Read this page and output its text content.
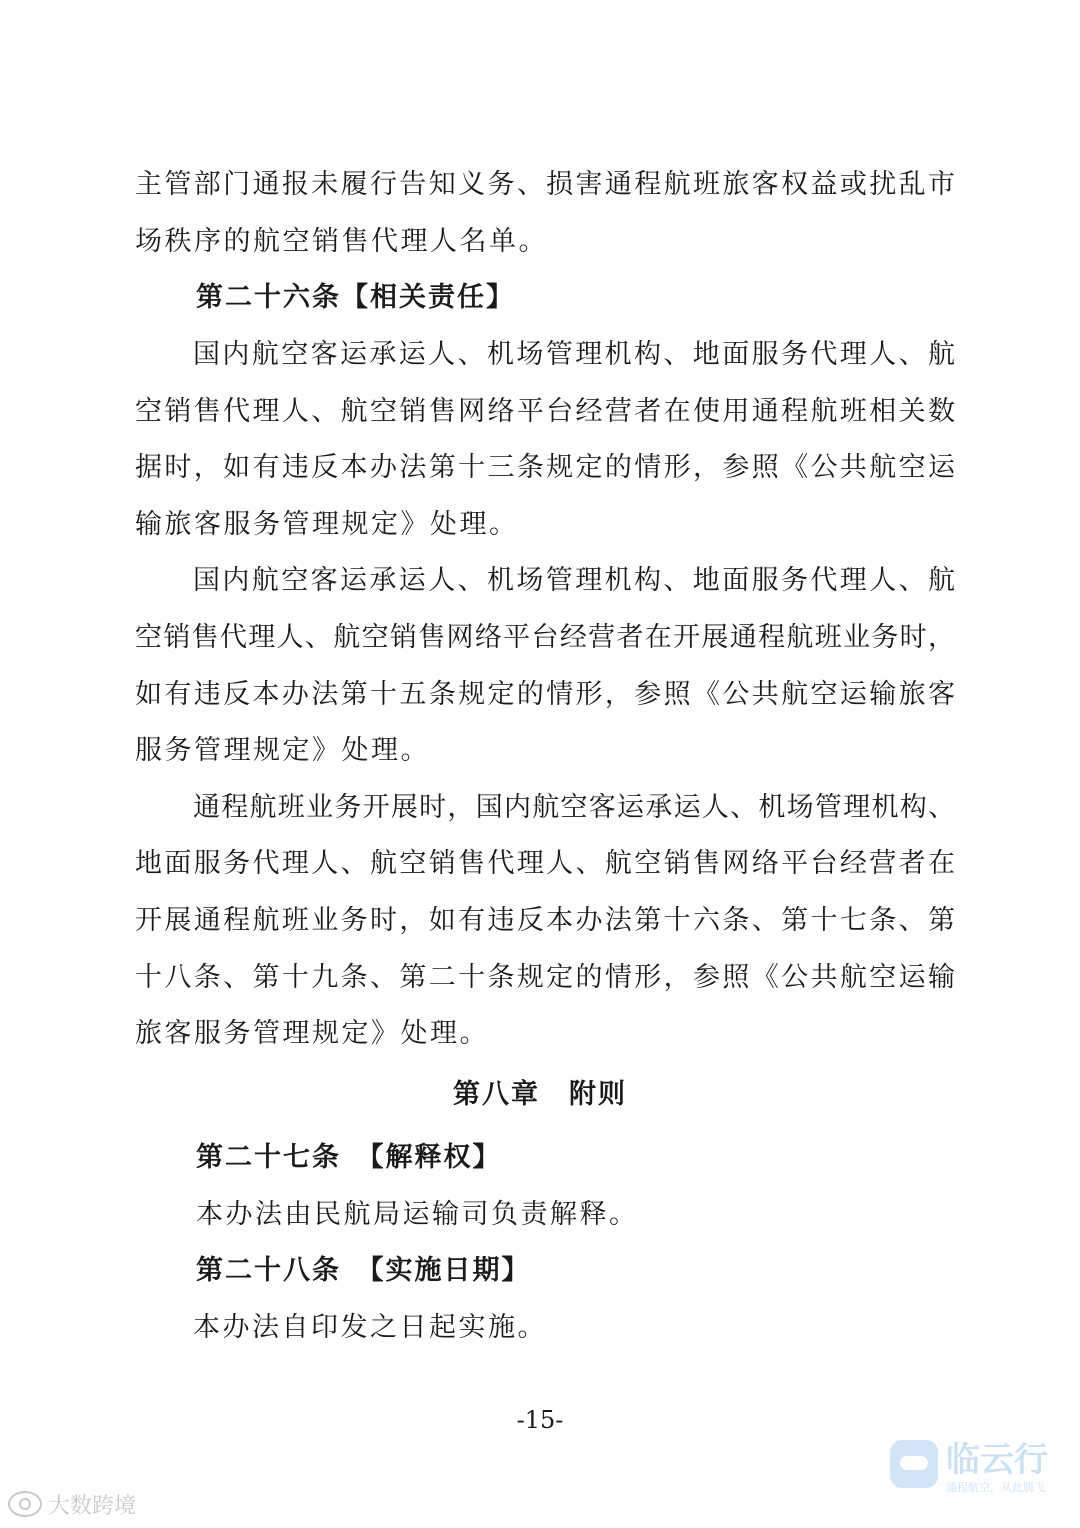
主管部门通报未履行告知义务、损害通程航班旅客权益或扰乱市
场秩序的航空销售代理人名单。
第二十六条【相关责任】
国内航空客运承运人、机场管理机构、地面服务代理人、航
空销售代理人、航空销售网络平台经营者在使用通程航班相关数
据时，如有违反本办法第十三条规定的情形，参照《公共航空运
输旅客服务管理规定》处理。
国内航空客运承运人、机场管理机构、地面服务代理人、航
空销售代理人、航空销售网络平台经营者在开展通程航班业务时，
如有违反本办法第十五条规定的情形，参照《公共航空运输旅客
服务管理规定》处理。
通程航班业务开展时，国内航空客运承运人、机场管理机构、
地面服务代理人、航空销售代理人、航空销售网络平台经营者在
开展通程航班业务时，如有违反本办法第十六条、第十七条、第
十八条、第十九条、第二十条规定的情形，参照《公共航空运输
旅客服务管理规定》处理。
第八章　附则
第二十七条　【解释权】
本办法由民航局运输司负责解释。
第二十八条　【实施日期】
本办法自印发之日起实施。
-15-
临云行
通程航空，从此腾飞
大数跨境
